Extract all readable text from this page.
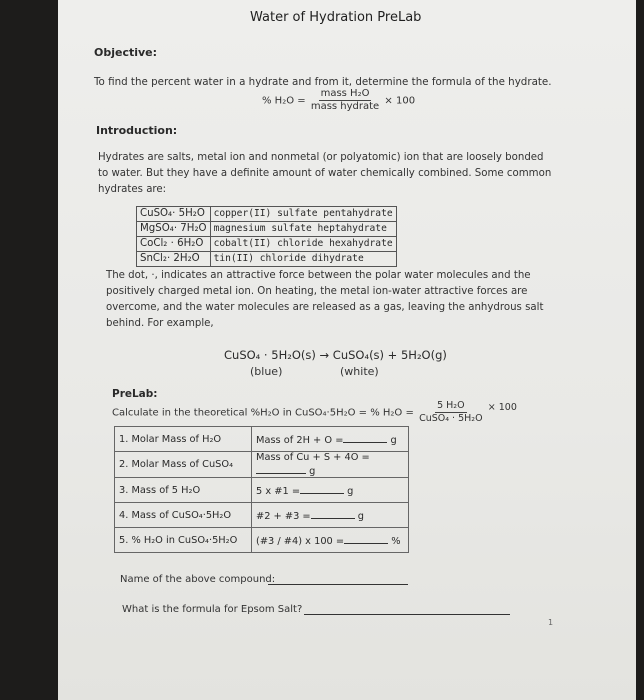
Water of Hydration PreLab
Objective:
To find the percent water in a hydrate and from it, determine the formula of the hydrate.
% $H_2O = \frac{\text{mass H₂O}}{\text{mass hydrate}} \times 100$
Introduction:
Hydrates are salts, metal ion and nonmetal (or polyatomic) ion that are loosely bonded to water. But they have a definite amount of water chemically combined. Some common hydrates are:
CuSO₄· 5H₂O	copper(II) sulfate pentahydrate
MgSO₄· 7H₂O	magnesium sulfate heptahydrate
CoCl₂ · 6H₂O	cobalt(II) chloride hexahydrate
SnCl₂· 2H₂O	tin(II) chloride dihydrate
The dot, ·, indicates an attractive force between the polar water molecules and the positively charged metal ion. On heating, the metal ion-water attractive forces are overcome, and the water molecules are released as a gas, leaving the anhydrous salt behind. For example,
CuSO₄ · 5H₂O(s) → CuSO₄(s) + 5H₂O(g)
(blue)	(white)
PreLab:
Calculate in the theoretical %H₂O in CuSO₄·5H₂O = % $H_2O = \frac{\text{5 H₂O}}{\text{CuSO₄ · 5H₂O}} \times 100$
1. Molar Mass of H₂O	Mass of 2H + O = g
2. Molar Mass of CuSO₄	Mass of Cu + S + 4O = g
3. Mass of 5 H₂O	5 x #1 = g
4. Mass of CuSO₄·5H₂O	#2 + #3 = g
5. % H₂O in CuSO₄·5H₂O	(#3 / #4) x 100 = %
Name of the above compound:
What is the formula for Epsom Salt?
1
